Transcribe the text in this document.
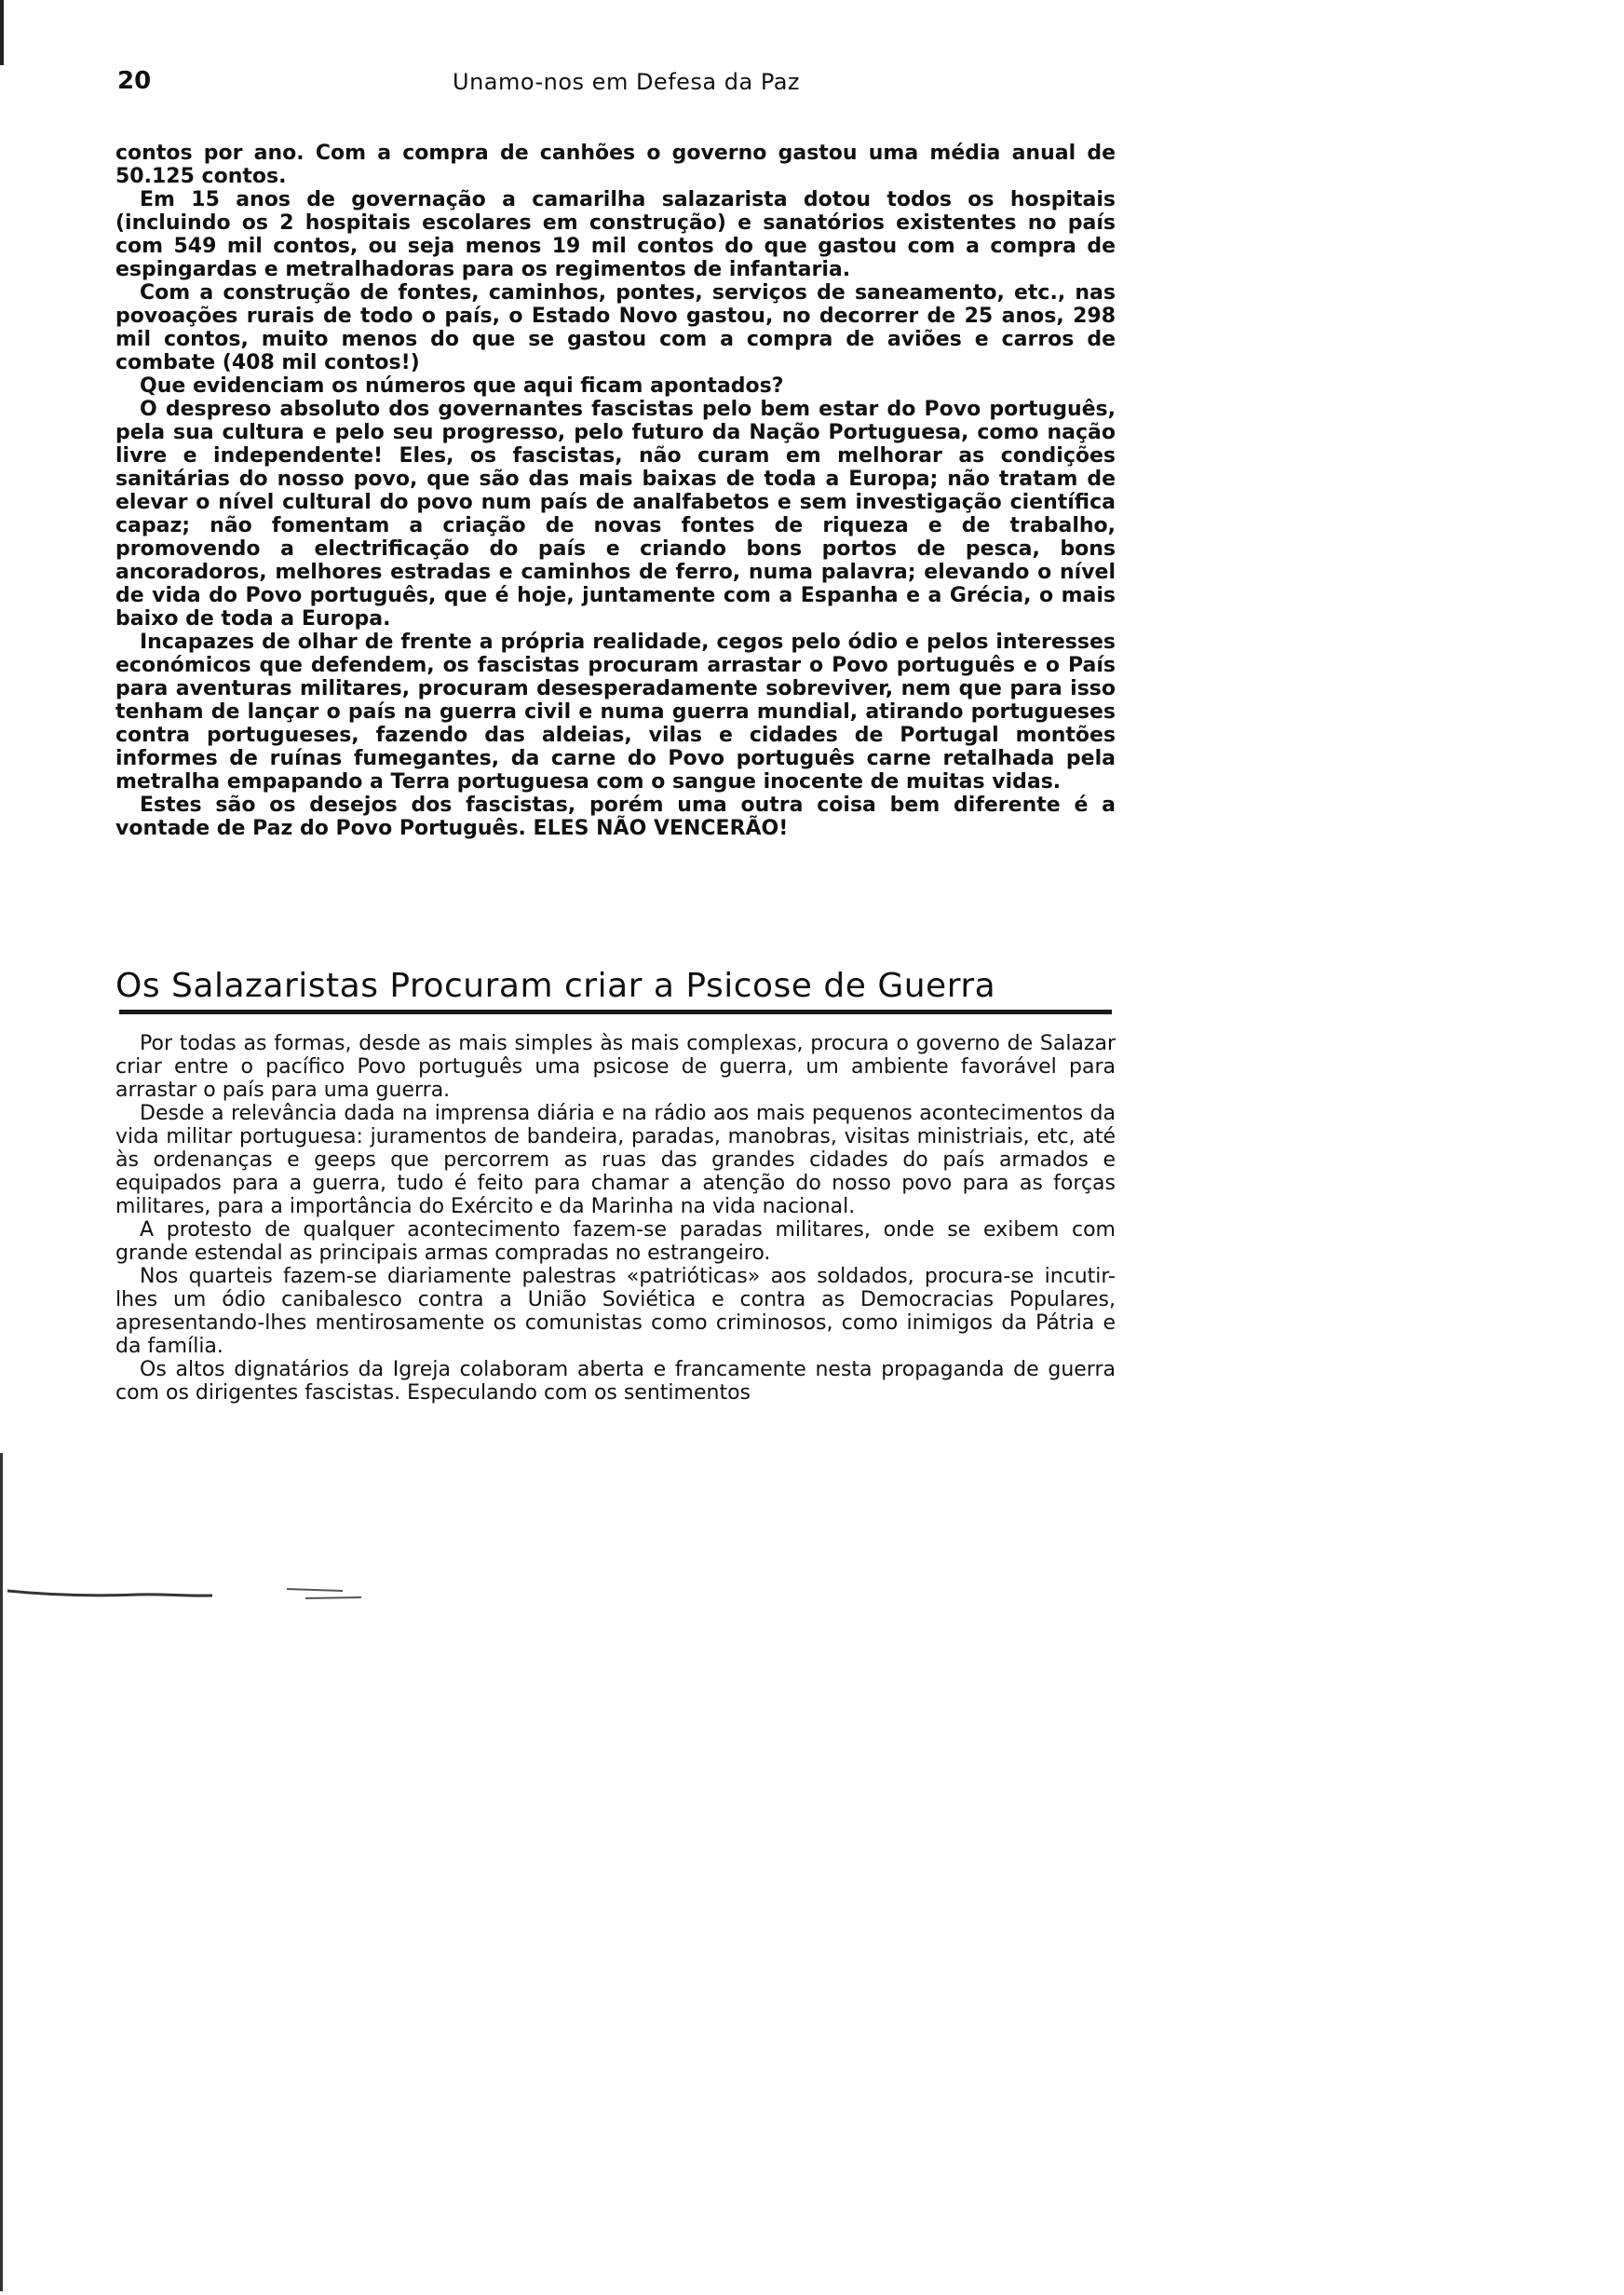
20	Unamo-nos em Defesa da Paz

contos por ano. Com a compra de canhões o governo gastou uma média anual de 50.125 contos.

Em 15 anos de governação a camarilha salazarista dotou todos os hospitais (incluindo os 2 hospitais escolares em construção) e sanatórios existentes no país com 549 mil contos, ou seja menos 19 mil contos do que gastou com a compra de espingardas e metralhadoras para os regimentos de infantaria.

Com a construção de fontes, caminhos, pontes, serviços de saneamento, etc., nas povoações rurais de todo o país, o Estado Novo gastou, no decorrer de 25 anos, 298 mil contos, muito menos do que se gastou com a compra de aviões e carros de combate (408 mil contos!)

Que evidenciam os números que aqui ficam apontados?

O despreso absoluto dos governantes fascistas pelo bem estar do Povo português, pela sua cultura e pelo seu progresso, pelo futuro da Nação Portuguesa, como nação livre e independente! Eles, os fascistas, não curam em melhorar as condições sanitárias do nosso povo, que são das mais baixas de toda a Europa; não tratam de elevar o nível cultural do povo num país de analfabetos e sem investigação científica capaz; não fomentam a criação de novas fontes de riqueza e de trabalho, promovendo a electrificação do país e criando bons portos de pesca, bons ancoradoros, melhores estradas e caminhos de ferro, numa palavra; elevando o nível de vida do Povo português, que é hoje, juntamente com a Espanha e a Grécia, o mais baixo de toda a Europa.

Incapazes de olhar de frente a própria realidade, cegos pelo ódio e pelos interesses económicos que defendem, os fascistas procuram arrastar o Povo português e o País para aventuras militares, procuram desesperadamente sobreviver, nem que para isso tenham de lançar o país na guerra civil e numa guerra mundial, atirando portugueses contra portugueses, fazendo das aldeias, vilas e cidades de Portugal montões informes de ruínas fumegantes, da carne do Povo português carne retalhada pela metralha empapando a Terra portuguesa com o sangue inocente de muitas vidas.

Estes são os desejos dos fascistas, porém uma outra coisa bem diferente é a vontade de Paz do Povo Português. ELES NÃO VENCERÃO!

Os Salazaristas Procuram criar a Psicose de Guerra

Por todas as formas, desde as mais simples às mais complexas, procura o governo de Salazar criar entre o pacífico Povo português uma psicose de guerra, um ambiente favorável para arrastar o país para uma guerra.

Desde a relevância dada na imprensa diária e na rádio aos mais pequenos acontecimentos da vida militar portuguesa: juramentos de bandeira, paradas, manobras, visitas ministriais, etc, até às ordenanças e geeps que percorrem as ruas das grandes cidades do país armados e equipados para a guerra, tudo é feito para chamar a atenção do nosso povo para as forças militares, para a importância do Exército e da Marinha na vida nacional.

A protesto de qualquer acontecimento fazem-se paradas militares, onde se exibem com grande estendal as principais armas compradas no estrangeiro.

Nos quarteis fazem-se diariamente palestras «patrióticas» aos soldados, procura-se incutir-lhes um ódio canibalesco contra a União Soviética e contra as Democracias Populares, apresentando-lhes mentirosamente os comunistas como criminosos, como inimigos da Pátria e da família.

Os altos dignatários da Igreja colaboram aberta e francamente nesta propaganda de guerra com os dirigentes fascistas. Especulando com os sentimentos
